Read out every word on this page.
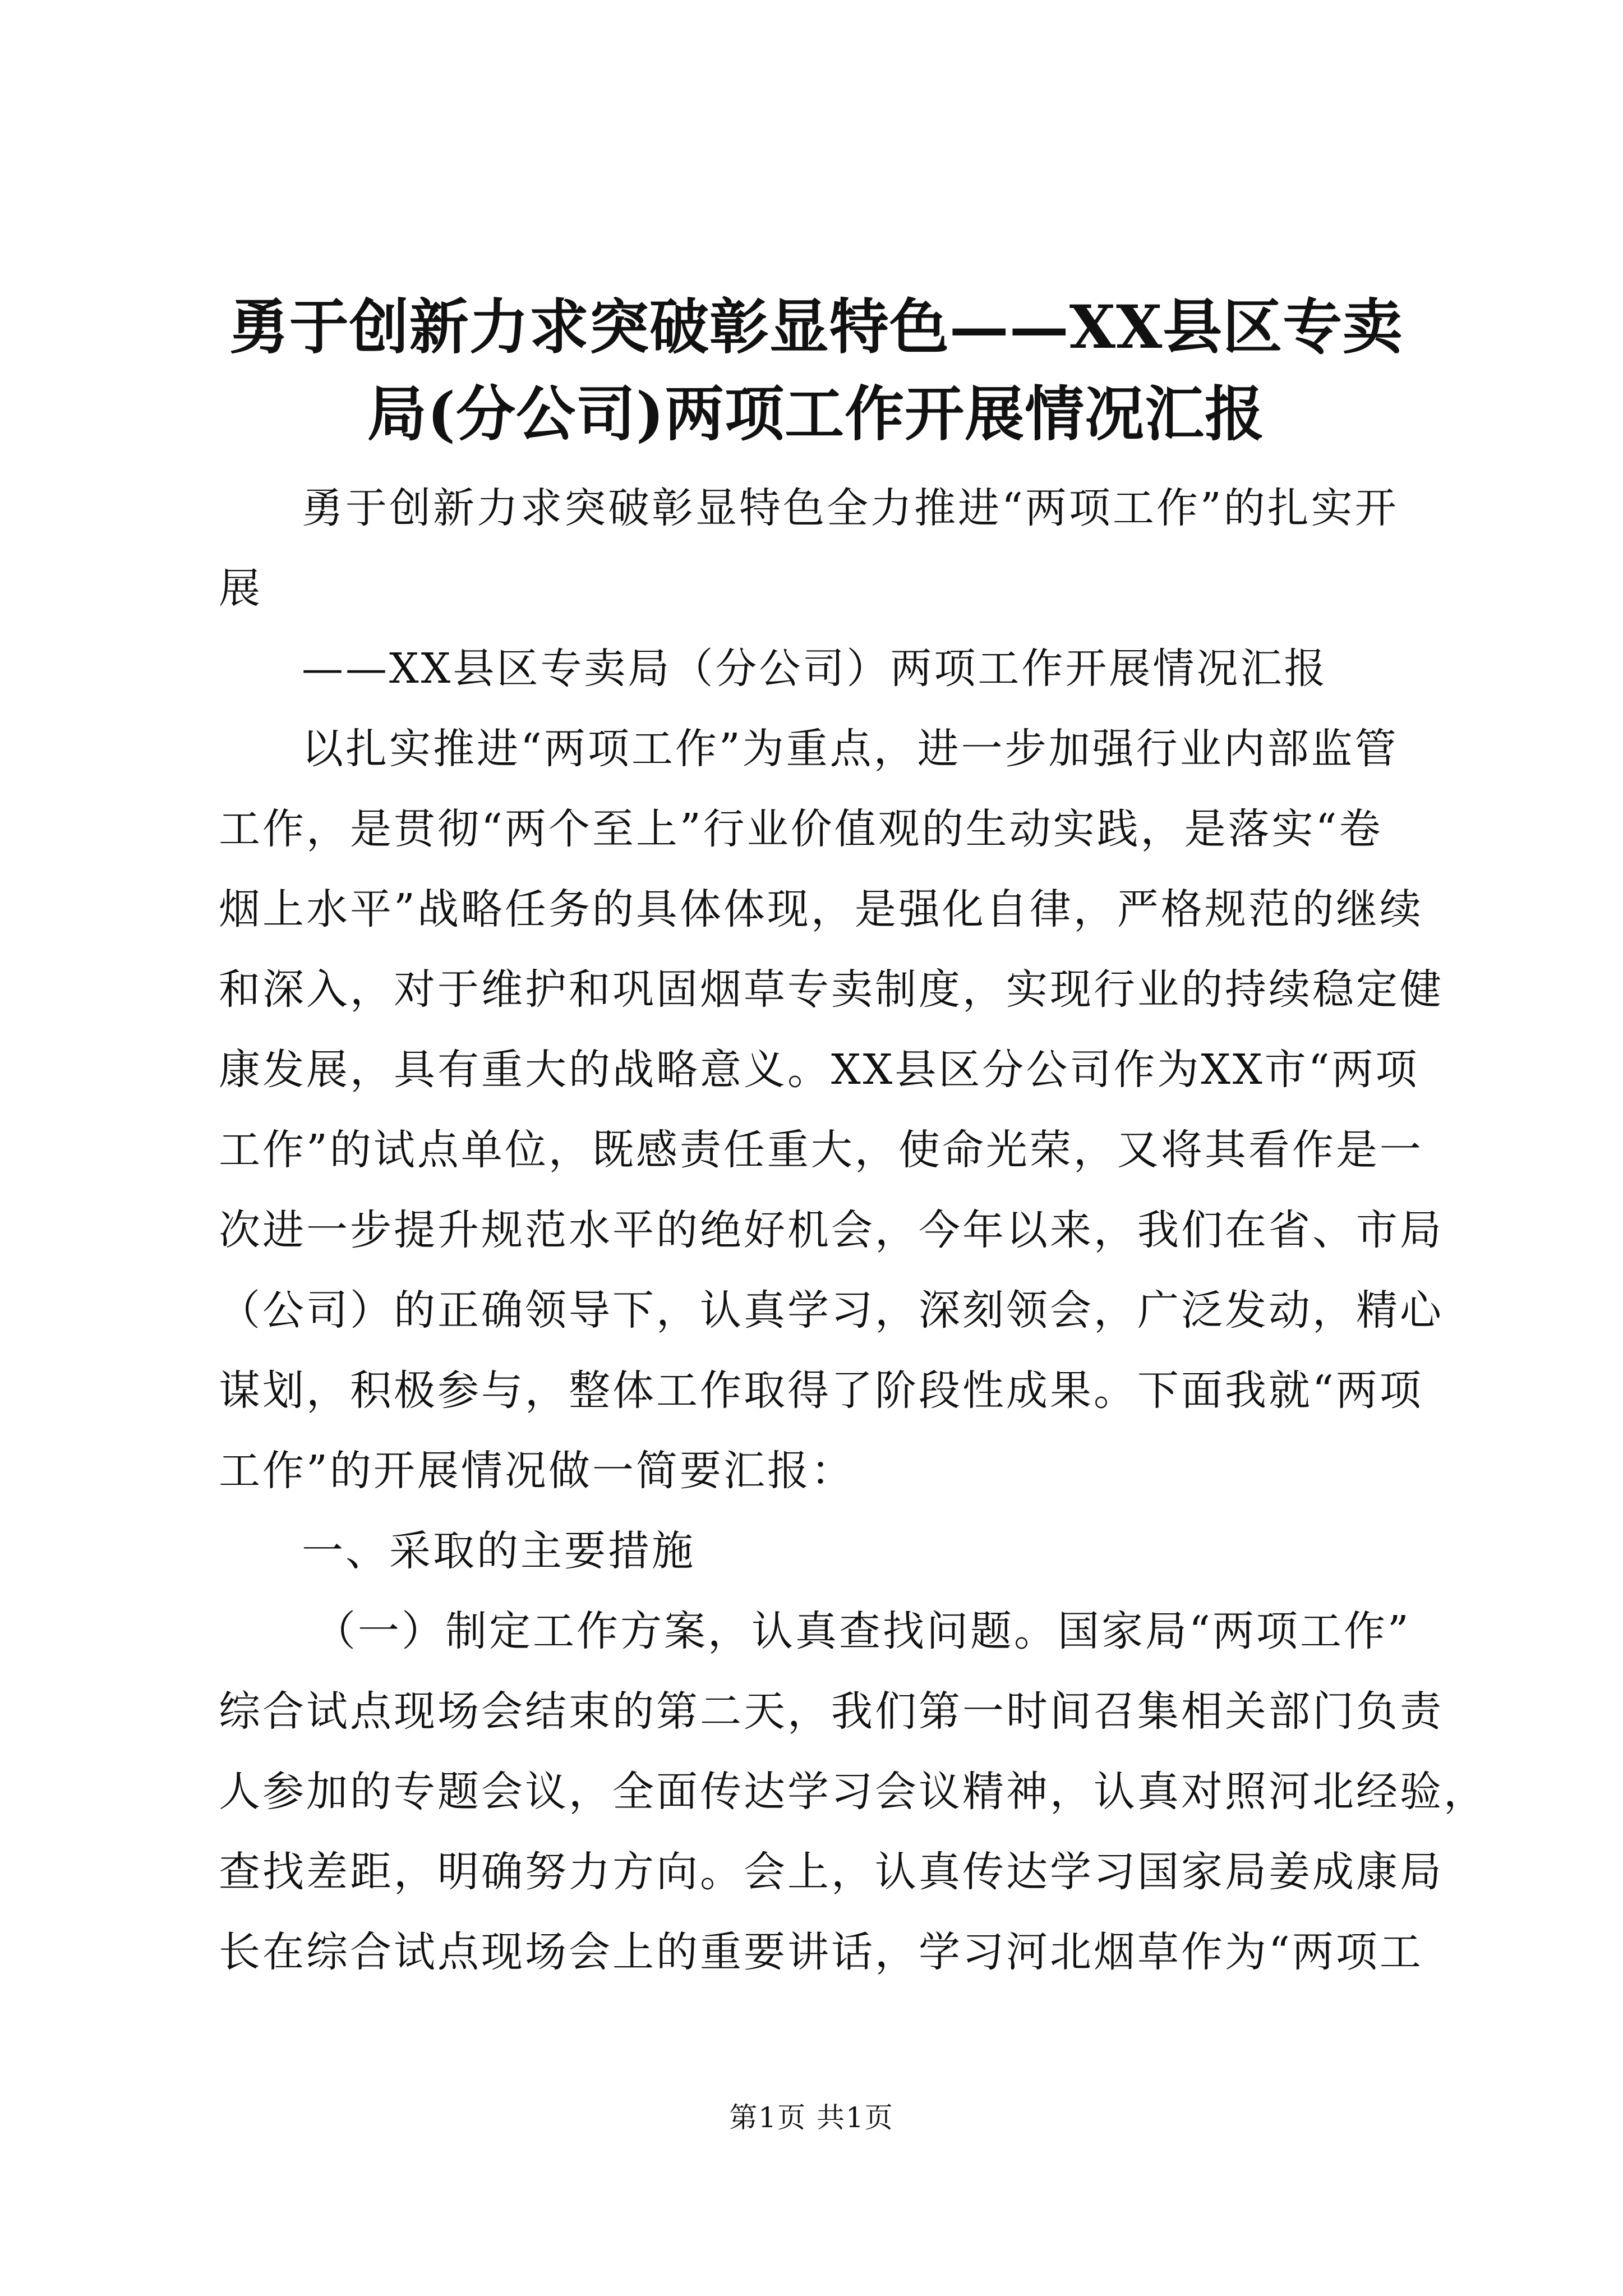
勇于创新力求突破彰显特色——XX县区专卖
局(分公司)两项工作开展情况汇报
勇于创新力求突破彰显特色全力推进“两项工作”的扎实开
展
——XX县区专卖局（分公司）两项工作开展情况汇报
以扎实推进“两项工作”为重点，进一步加强行业内部监管
工作，是贯彻“两个至上”行业价值观的生动实践，是落实“卷
烟上水平”战略任务的具体体现，是强化自律，严格规范的继续
和深入，对于维护和巩固烟草专卖制度，实现行业的持续稳定健
康发展，具有重大的战略意义。XX县区分公司作为XX市“两项
工作”的试点单位，既感责任重大，使命光荣，又将其看作是一
次进一步提升规范水平的绝好机会，今年以来，我们在省、市局
（公司）的正确领导下，认真学习，深刻领会，广泛发动，精心
谋划，积极参与，整体工作取得了阶段性成果。下面我就“两项
工作”的开展情况做一简要汇报：
一、采取的主要措施
（一）制定工作方案，认真查找问题。国家局“两项工作”
综合试点现场会结束的第二天，我们第一时间召集相关部门负责
人参加的专题会议，全面传达学习会议精神，认真对照河北经验，
查找差距，明确努力方向。会上，认真传达学习国家局姜成康局
长在综合试点现场会上的重要讲话，学习河北烟草作为“两项工
第1页 共1页
